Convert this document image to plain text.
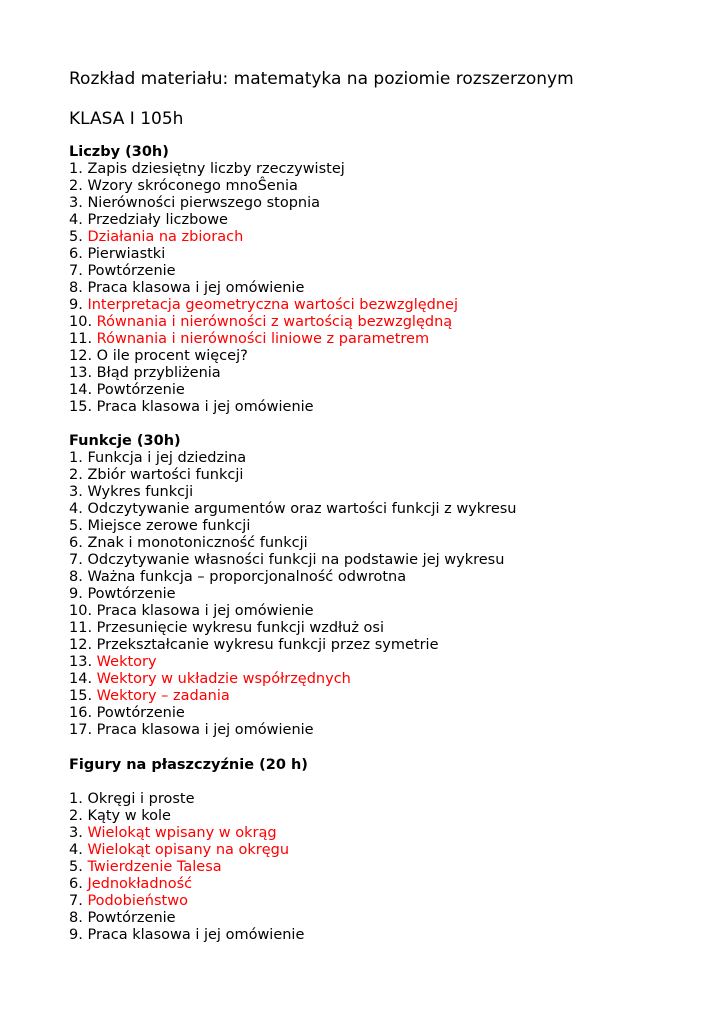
Rozkład materiału: matematyka na poziomie rozszerzonym
KLASA I 105h
Liczby (30h)
1. Zapis dziesiętny liczby rzeczywistej
2. Wzory skróconego mnoŜenia
3. Nierówności pierwszego stopnia
4. Przedziały liczbowe
5. Działania na zbiorach
6. Pierwiastki
7. Powtórzenie
8. Praca klasowa i jej omówienie
9. Interpretacja geometryczna wartości bezwzględnej
10. Równania i nierówności z wartością bezwzględną
11. Równania i nierówności liniowe z parametrem
12. O ile procent więcej?
13. Błąd przybliżenia
14. Powtórzenie
15. Praca klasowa i jej omówienie
Funkcje (30h)
1. Funkcja i jej dziedzina
2. Zbiór wartości funkcji
3. Wykres funkcji
4. Odczytywanie argumentów oraz wartości funkcji z wykresu
5. Miejsce zerowe funkcji
6. Znak i monotoniczność funkcji
7. Odczytywanie własności funkcji na podstawie jej wykresu
8. Ważna funkcja – proporcjonalność odwrotna
9. Powtórzenie
10. Praca klasowa i jej omówienie
11. Przesunięcie wykresu funkcji wzdłuż osi
12. Przekształcanie wykresu funkcji przez symetrie
13. Wektory
14. Wektory w układzie współrzędnych
15. Wektory – zadania
16. Powtórzenie
17. Praca klasowa i jej omówienie
Figury na płaszczyźnie (20 h)
1. Okręgi i proste
2. Kąty w kole
3. Wielokąt wpisany w okrąg
4. Wielokąt opisany na okręgu
5. Twierdzenie Talesa
6. Jednokładność
7. Podobieństwo
8. Powtórzenie
9. Praca klasowa i jej omówienie
